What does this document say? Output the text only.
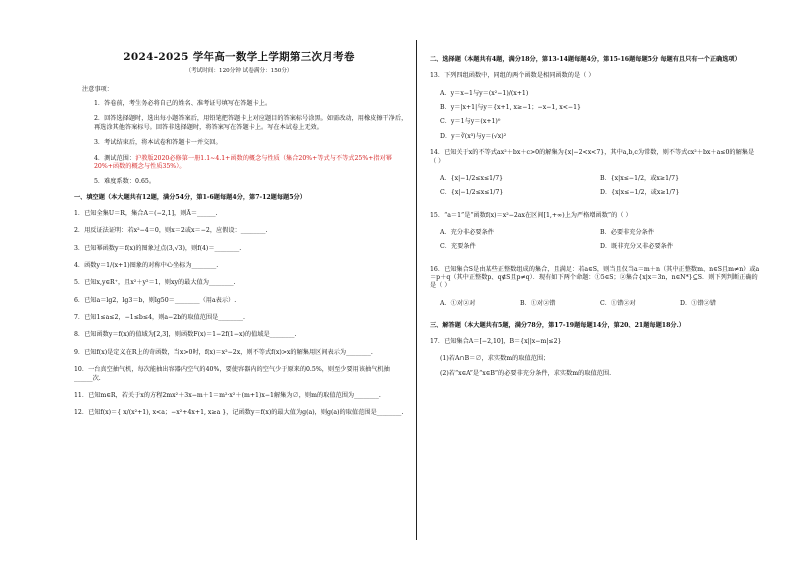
2024-2025 学年高一数学上学期第三次月考卷
（考试时间：120分钟 试卷满分：150分）
注意事项：
1．答卷前，考生务必将自己的姓名、准考证号填写在答题卡上。
2．回答选择题时，选出每小题答案后，用铅笔把答题卡上对应题目的答案标号涂黑。如需改动，用橡皮擦干净后，再选涂其他答案标号。回答非选择题时，将答案写在答题卡上。写在本试卷上无效。
3．考试结束后，将本试卷和答题卡一并交回。
4．测试范围：沪教版2020必修第一册1.1~4.1+函数的概念与性质（集合20%+等式与不等式25%+指对幂20%+函数的概念与性质35%）。
5．难度系数：0.65。
一、填空题（本大题共有12题，满分54分，第1-6题每题4分，第7-12题每题5分）
1．已知全集U＝R，集合A＝(−2,1]，则Ā＝______.
2．用反证法证明：若x²−4＝0，则x＝2或x＝−2，应假设：________.
3．已知幂函数y＝f(x)的图象过点(3,√3)，则f(4)＝________.
4．函数y＝1/(x+1)图象的对称中心坐标为________.
5．已知x,y∈R⁺，且x²＋y²＝1，则xy的最大值为________.
6．已知a＝lg2，lg3＝b，则lg50＝________（用a表示）.
7．已知1≤a≤2，−1≤b≤4，则a−2b的取值范围是________.
8．已知函数y＝f(x)的值域为[2,3]，则函数F(x)＝1−2f(1−x)的值域是________.
9．已知f(x)是定义在R上的奇函数，当x>0时，f(x)＝x²−2x，则不等式f(x)>x的解集用区间表示为________.
10．一台真空抽气机，每次能抽出容器内空气的40%，要使容器内的空气少于原来的0.5%，则至少要用该抽气机抽______次.
11．已知m∈R，若关于x的方程2mx²＋3x−m＋1＝m²·x²＋(m+1)x−1解集为∅，则m的取值范围为________.
12．已知f(x)＝{ x/(x²+1), x<a；−x²+4x+1, x≥a }，记函数y＝f(x)的最大值为g(a)，则g(a)的取值范围是________.
二、选择题（本题共有4题，满分18分，第13-14题每题4分，第15-16题每题5分 每题有且只有一个正确选项）
13．下列四组函数中，同组的两个函数是相同函数的是（ ）
A．y＝x−1与y＝(x²−1)/(x+1)
B．y＝|x+1|与y＝{x+1, x≥−1；−x−1, x<−1}
C．y＝1与y＝(x+1)⁰
D．y＝∛(x³)与y＝(√x)²
14．已知关于x的不等式ax²＋bx＋c>0的解集为{x|−2<x<7}，其中a,b,c为常数，则不等式cx²＋bx＋a≤0的解集是（ ）
A．{x|−1/2≤x≤1/7}	B．{x|x≤−1/2，或x≥1/7}
C．{x|−1/2≤x≤1/7}	D．{x|x≤−1/2，或x≥1/7}
15．“a＝1”是“函数f(x)＝x²−2ax在区间[1,+∞)上为严格增函数”的（ ）
A．充分非必要条件	B．必要非充分条件
C．充要条件	D．既非充分又非必要条件
16．已知集合S是由某些正整数组成的集合，且满足：若a∈S，则当且仅当a＝m＋n（其中正整数m、n∈S且m≠n）或a＝p＋q（其中正整数p、q∉S且p≠q）．现有如下两个命题：①5∈S；②集合{x|x＝3n，n∈N*}⊆S．则下列判断正确的是（ ）
A．①对②对	B．①对②错	C．①错②对	D．①错②错
三、解答题（本大题共有5题，满分78分，第17-19题每题14分，第20、21题每题18分.）
17．已知集合A＝[−2,10]，B＝{x||x−m|≤2}
(1)若A∩B＝∅，求实数m的取值范围；
(2)若“x∈A”是“x∈B”的必要非充分条件，求实数m的取值范围.
